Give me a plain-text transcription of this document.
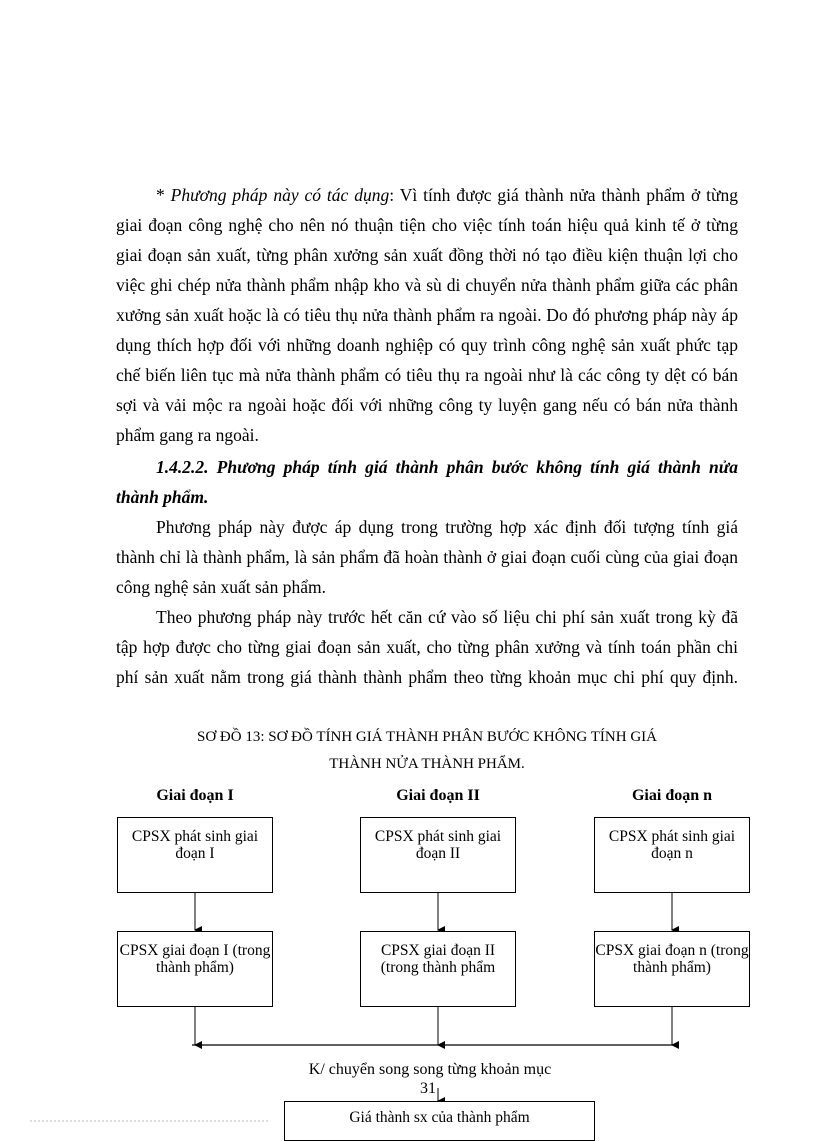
* Phương pháp này có tác dụng: Vì tính được giá thành nửa thành phẩm ở từng giai đoạn công nghệ cho nên nó thuận tiện cho việc tính toán hiệu quả kinh tế ở từng giai đoạn sản xuất, từng phân xưởng sản xuất đồng thời nó tạo điều kiện thuận lợi cho việc ghi chép nửa thành phẩm nhập kho và sù di chuyển nửa thành phẩm giữa các phân xưởng sản xuất hoặc là có tiêu thụ nửa thành phẩm ra ngoài. Do đó phương pháp này áp dụng thích hợp đối với những doanh nghiệp có quy trình công nghệ sản xuất phức tạp chế biến liên tục mà nửa thành phẩm có tiêu thụ ra ngoài như là các công ty dệt có bán sợi và vải mộc ra ngoài hoặc đối với những công ty luyện gang nếu có bán nửa thành phẩm gang ra ngoài.

1.4.2.2. Phương pháp tính giá thành phân bước không tính giá thành nửa thành phẩm.

Phương pháp này được áp dụng trong trường hợp xác định đối tượng tính giá thành chỉ là thành phẩm, là sản phẩm đã hoàn thành ở giai đoạn cuối cùng của giai đoạn công nghệ sản xuất sản phẩm.

Theo phương pháp này trước hết căn cứ vào số liệu chi phí sản xuất trong kỳ đã tập hợp được cho từng giai đoạn sản xuất, cho từng phân xưởng và tính toán phần chi phí sản xuất nằm trong giá thành thành phẩm theo từng khoản mục chi phí quy định.

SƠ ĐỒ 13: SƠ ĐỒ TÍNH GIÁ THÀNH PHÂN BƯỚC KHÔNG TÍNH GIÁ
THÀNH NỬA THÀNH PHẨM.
Giai đoạn I	Giai đoạn II	Giai đoạn n
CPSX phát sinh giai đoạn I
CPSX phát sinh giai đoạn II
CPSX phát sinh giai đoạn n
CPSX giai đoạn I (trong thành phẩm)
CPSX giai đoạn II (trong thành phẩm
CPSX giai đoạn n (trong thành phẩm)
K/ chuyển song song từng khoản mục
31
Giá thành sx của thành phẩm
